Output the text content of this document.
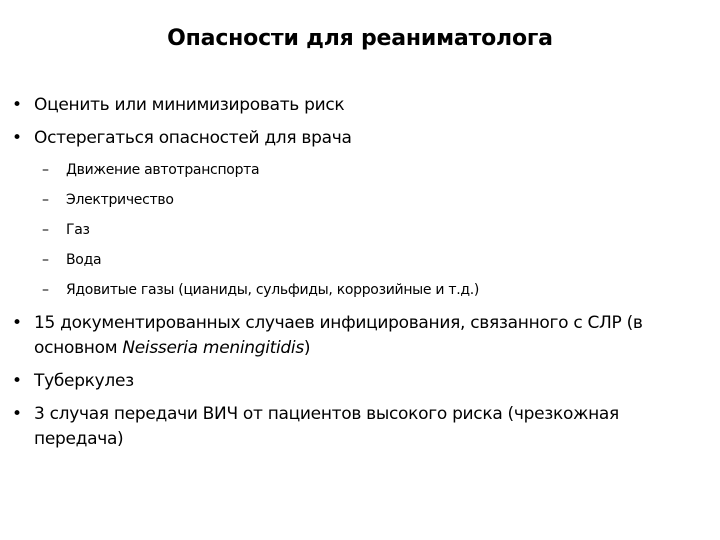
Опасности для реаниматолога
• Оценить или минимизировать риск
• Остерегаться опасностей для врача
– Движение автотранспорта
– Электричество
– Газ
– Вода
– Ядовитые газы (цианиды, сульфиды, коррозийные и т.д.)
• 15 документированных случаев инфицирования, связанного с СЛР (в основном Neisseria meningitidis)
• Туберкулез
• 3 случая передачи ВИЧ от пациентов высокого риска (чрезкожная передача)
